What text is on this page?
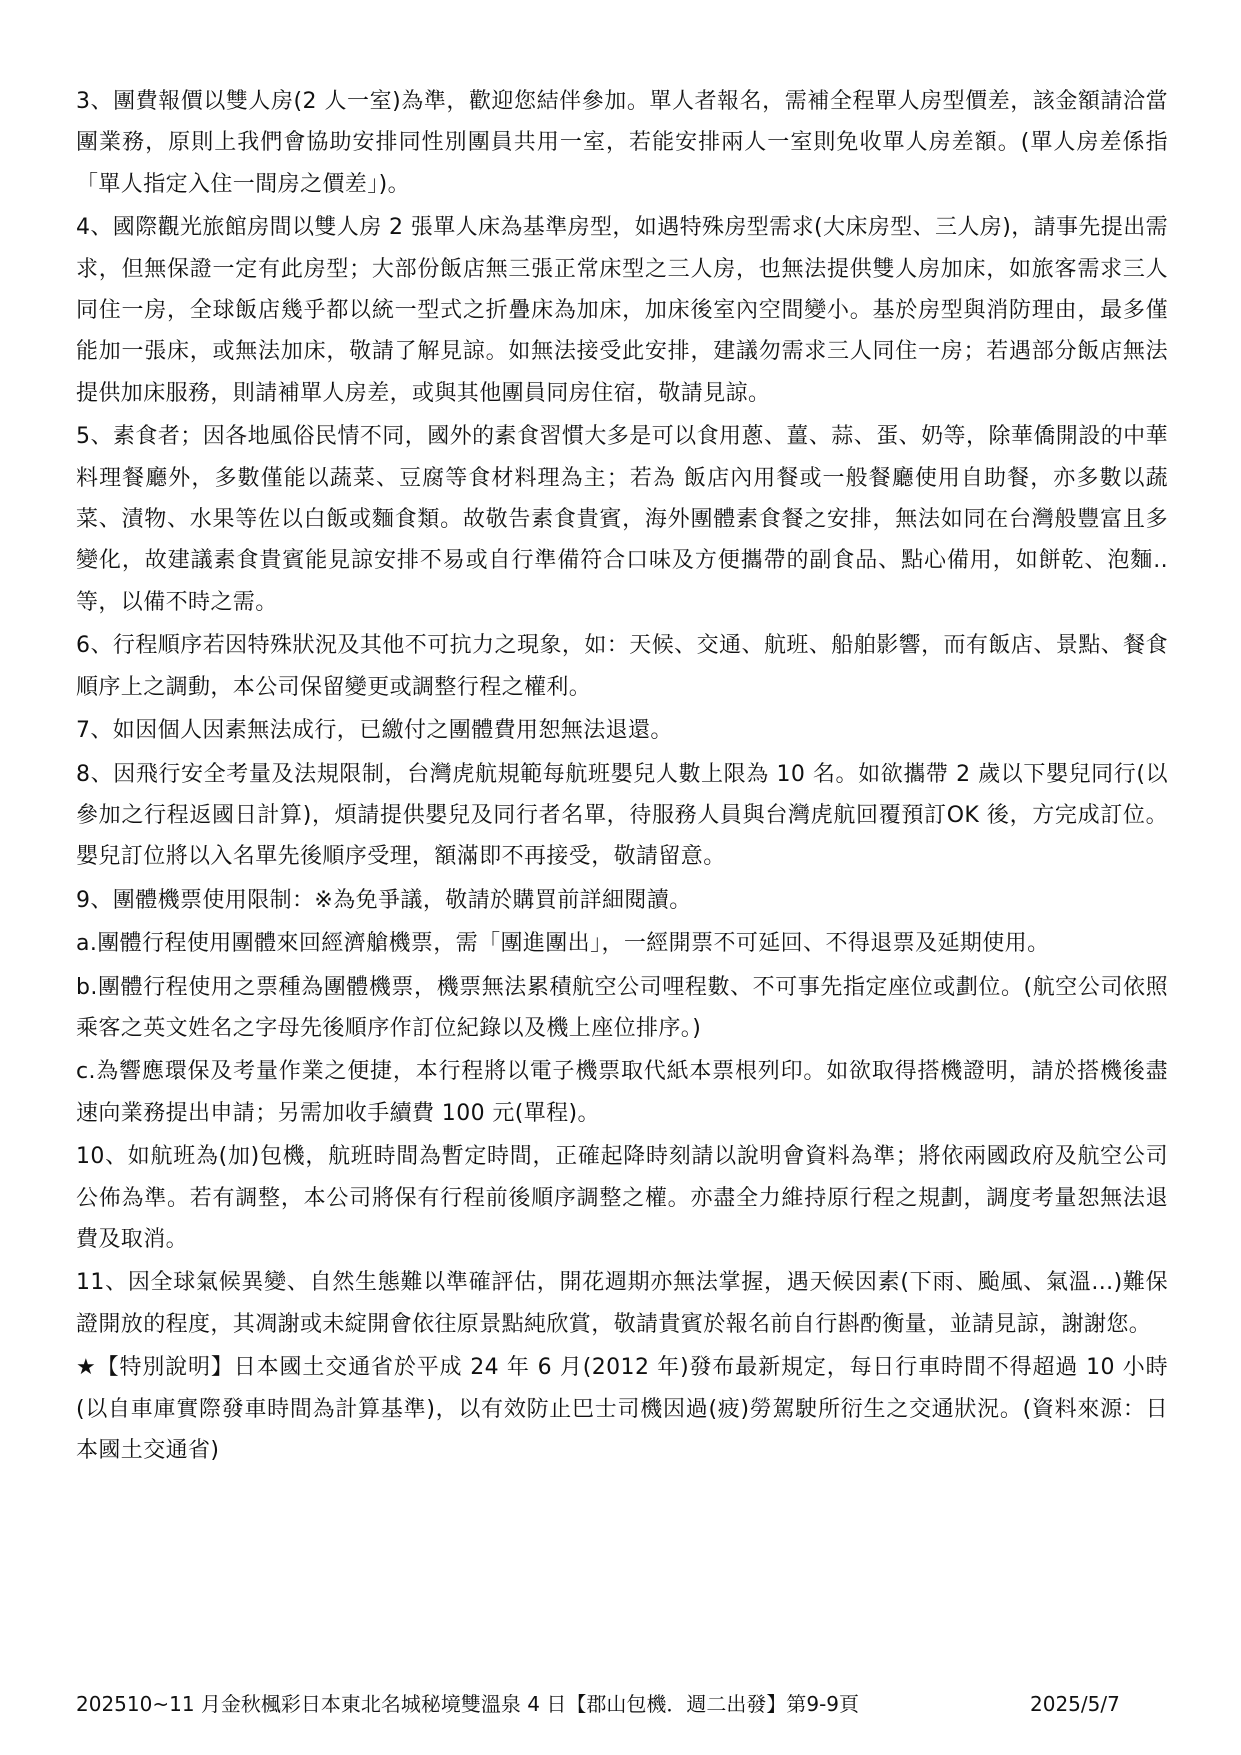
3、團費報價以雙人房(2 人一室)為準，歡迎您結伴參加。單人者報名，需補全程單人房型價差，該金額請洽當團業務，原則上我們會協助安排同性別團員共用一室，若能安排兩人一室則免收單人房差額。(單人房差係指「單人指定入住一間房之價差」)。

4、國際觀光旅館房間以雙人房 2 張單人床為基準房型，如遇特殊房型需求(大床房型、三人房)，請事先提出需求，但無保證一定有此房型；大部份飯店無三張正常床型之三人房，也無法提供雙人房加床，如旅客需求三人同住一房，全球飯店幾乎都以統一型式之折疊床為加床，加床後室內空間變小。基於房型與消防理由，最多僅能加一張床，或無法加床，敬請了解見諒。如無法接受此安排，建議勿需求三人同住一房；若遇部分飯店無法提供加床服務，則請補單人房差，或與其他團員同房住宿，敬請見諒。

5、素食者；因各地風俗民情不同，國外的素食習慣大多是可以食用蔥、薑、蒜、蛋、奶等，除華僑開設的中華料理餐廳外，多數僅能以蔬菜、豆腐等食材料理為主；若為 飯店內用餐或一般餐廳使用自助餐，亦多數以蔬菜、漬物、水果等佐以白飯或麵食類。故敬告素食貴賓，海外團體素食餐之安排，無法如同在台灣般豐富且多變化，故建議素食貴賓能見諒安排不易或自行準備符合口味及方便攜帶的副食品、點心備用，如餅乾、泡麵..等，以備不時之需。

6、行程順序若因特殊狀況及其他不可抗力之現象，如：天候、交通、航班、船舶影響，而有飯店、景點、餐食順序上之調動，本公司保留變更或調整行程之權利。

7、如因個人因素無法成行，已繳付之團體費用恕無法退還。

8、因飛行安全考量及法規限制，台灣虎航規範每航班嬰兒人數上限為 10 名。如欲攜帶 2 歲以下嬰兒同行(以參加之行程返國日計算)，煩請提供嬰兒及同行者名單，待服務人員與台灣虎航回覆預訂OK 後，方完成訂位。嬰兒訂位將以入名單先後順序受理，額滿即不再接受，敬請留意。

9、團體機票使用限制：※為免爭議，敬請於購買前詳細閱讀。

a.團體行程使用團體來回經濟艙機票，需「團進團出」，一經開票不可延回、不得退票及延期使用。

b.團體行程使用之票種為團體機票，機票無法累積航空公司哩程數、不可事先指定座位或劃位。(航空公司依照乘客之英文姓名之字母先後順序作訂位紀錄以及機上座位排序。)

c.為響應環保及考量作業之便捷，本行程將以電子機票取代紙本票根列印。如欲取得搭機證明，請於搭機後盡速向業務提出申請；另需加收手續費 100 元(單程)。

10、如航班為(加)包機，航班時間為暫定時間，正確起降時刻請以說明會資料為準；將依兩國政府及航空公司公佈為準。若有調整，本公司將保有行程前後順序調整之權。亦盡全力維持原行程之規劃，調度考量恕無法退費及取消。

11、因全球氣候異變、自然生態難以準確評估，開花週期亦無法掌握，遇天候因素(下雨、颱風、氣溫...)難保證開放的程度，其凋謝或未綻開會依往原景點純欣賞，敬請貴賓於報名前自行斟酌衡量，並請見諒，謝謝您。

★【特別說明】日本國土交通省於平成 24 年 6 月(2012 年)發布最新規定，每日行車時間不得超過 10 小時(以自車庫實際發車時間為計算基準)，以有效防止巴士司機因過(疲)勞駕駛所衍生之交通狀況。(資料來源：日本國土交通省)

202510~11 月金秋楓彩日本東北名城秘境雙溫泉 4 日【郡山包機．週二出發】第9-9頁	2025/5/7
